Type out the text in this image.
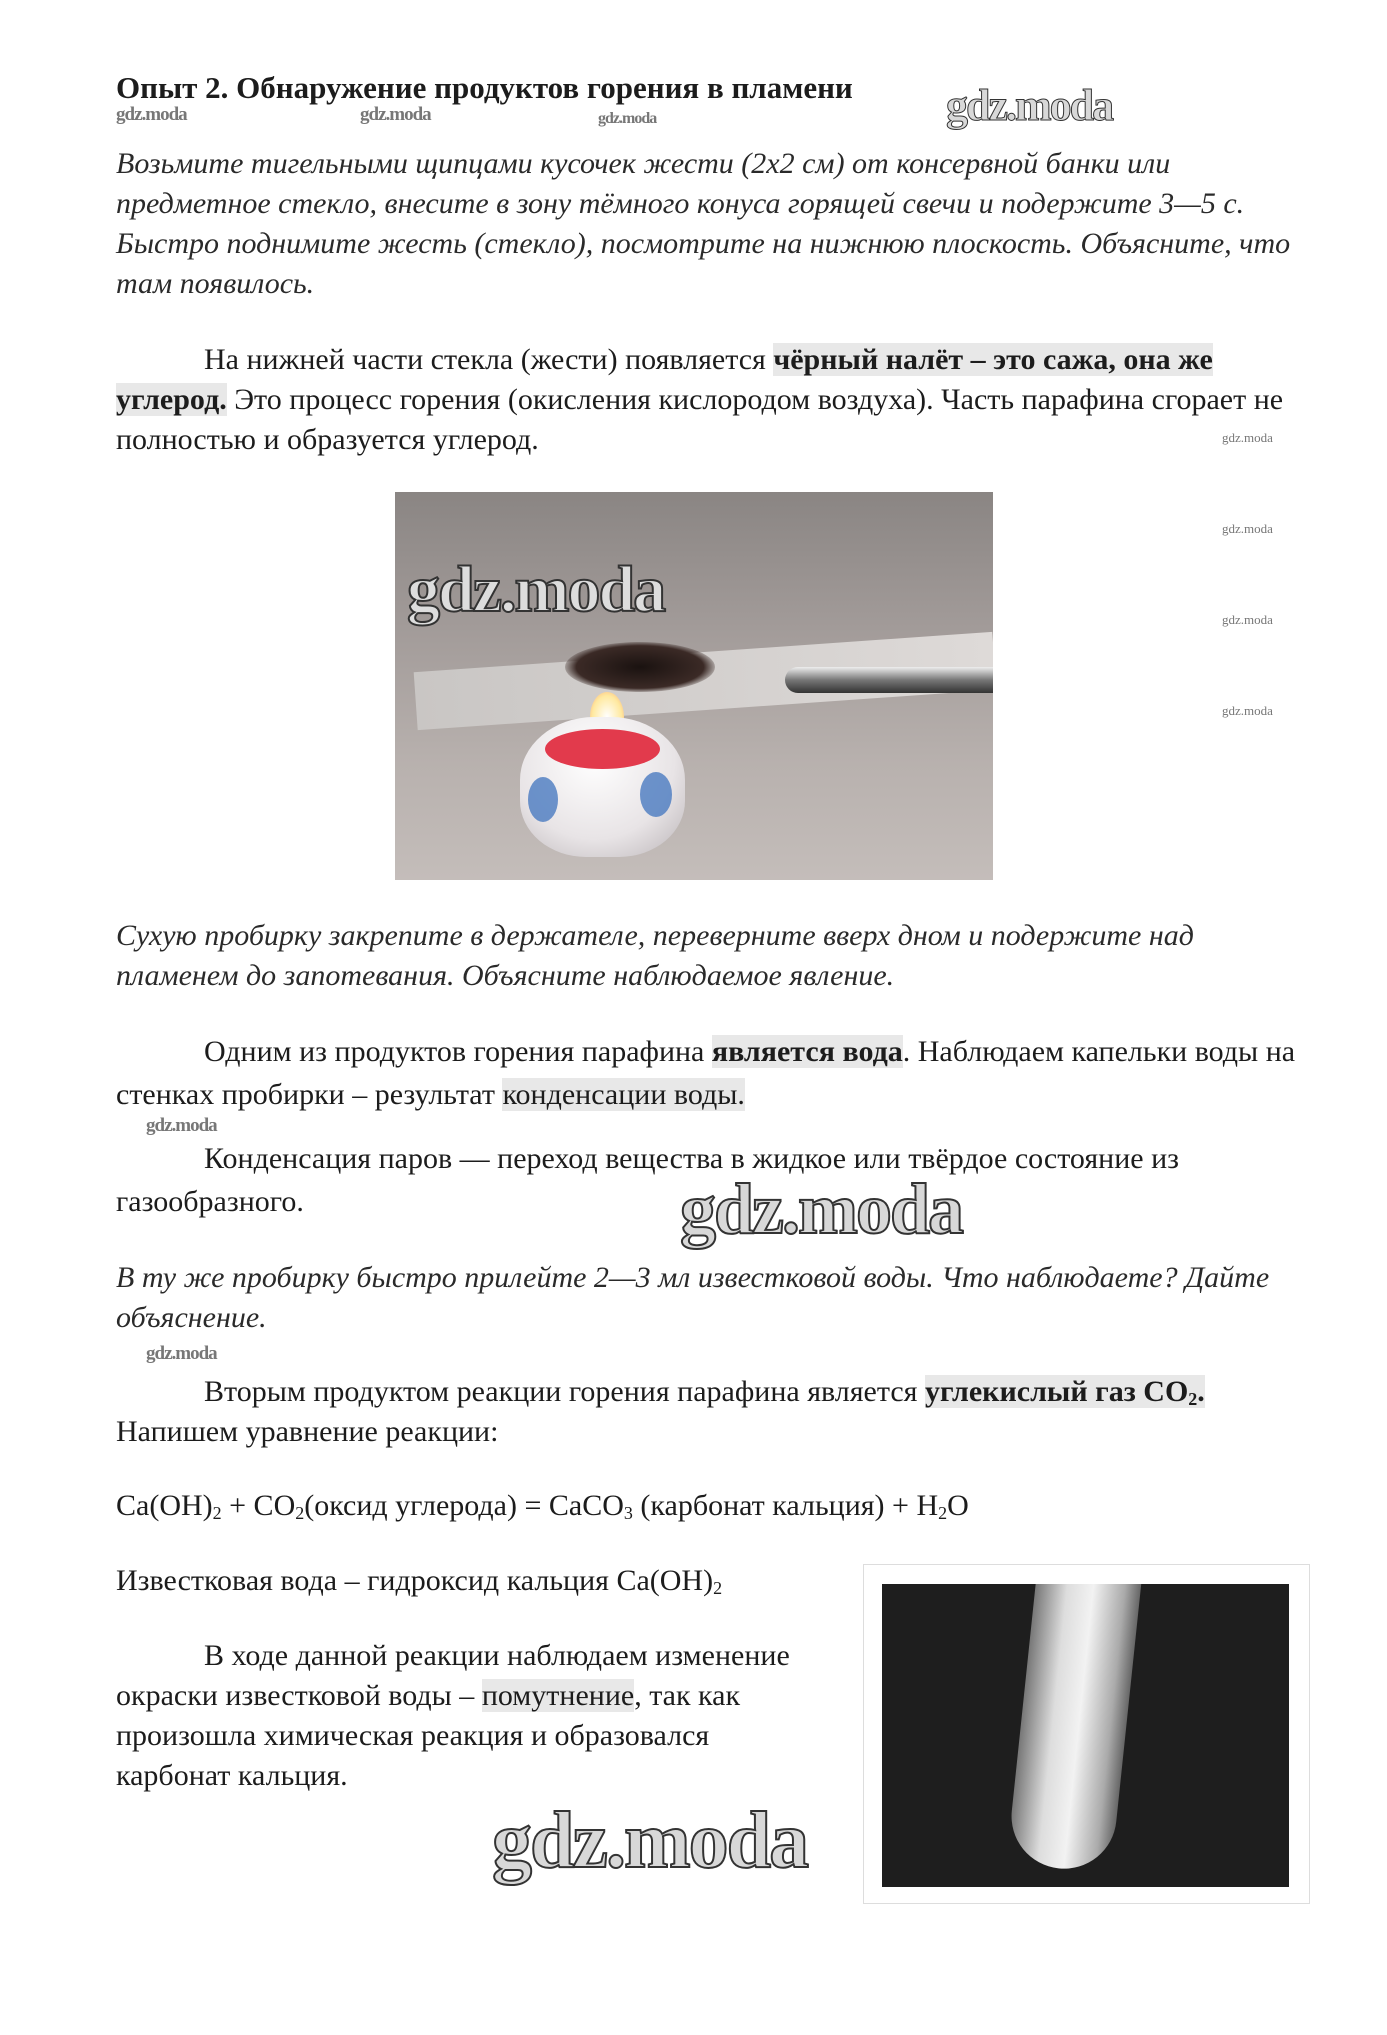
Опыт 2. Обнаружение продуктов горения в пламени
gdz.moda	gdz.moda	gdz.moda	gdz.moda
Возьмите тигельными щипцами кусочек жести (2х2 см) от консервной банки или предметное стекло, внесите в зону тёмного конуса горящей свечи и подержите 3—5 с. Быстро поднимите жесть (стекло), посмотрите на нижнюю плоскость. Объясните, что там появилось.
На нижней части стекла (жести) появляется чёрный налёт – это сажа, она же углерод. Это процесс горения (окисления кислородом воздуха). Часть парафина сгорает не полностью и образуется углерод.	gdz.moda
gdz.moda
gdz.moda
gdz.moda
gdz.moda
Сухую пробирку закрепите в держателе, переверните вверх дном и подержите над пламенем до запотевания. Объясните наблюдаемое явление.
Одним из продуктов горения парафина является вода. Наблюдаем капельки воды на стенках пробирки – результат конденсации воды.
gdz.moda
Конденсация паров — переход вещества в жидкое или твёрдое состояние из газообразного.	gdz.moda
В ту же пробирку быстро прилейте 2—3 мл известковой воды. Что наблюдаете? Дайте объяснение.
gdz.moda
Вторым продуктом реакции горения парафина является углекислый газ $CO_2$. Напишем уравнение реакции:
$Ca(OH)_2$ + $CO_2(оксид$ углерода) = CaCO$_3$ (карбонат кальция) + $H_2O$
Известковая вода – гидроксид кальция $Ca(OH)_2$
В ходе данной реакции наблюдаем изменение окраски известковой воды – помутнение, так как произошла химическая реакция и образовался карбонат кальция.
gdz.moda
